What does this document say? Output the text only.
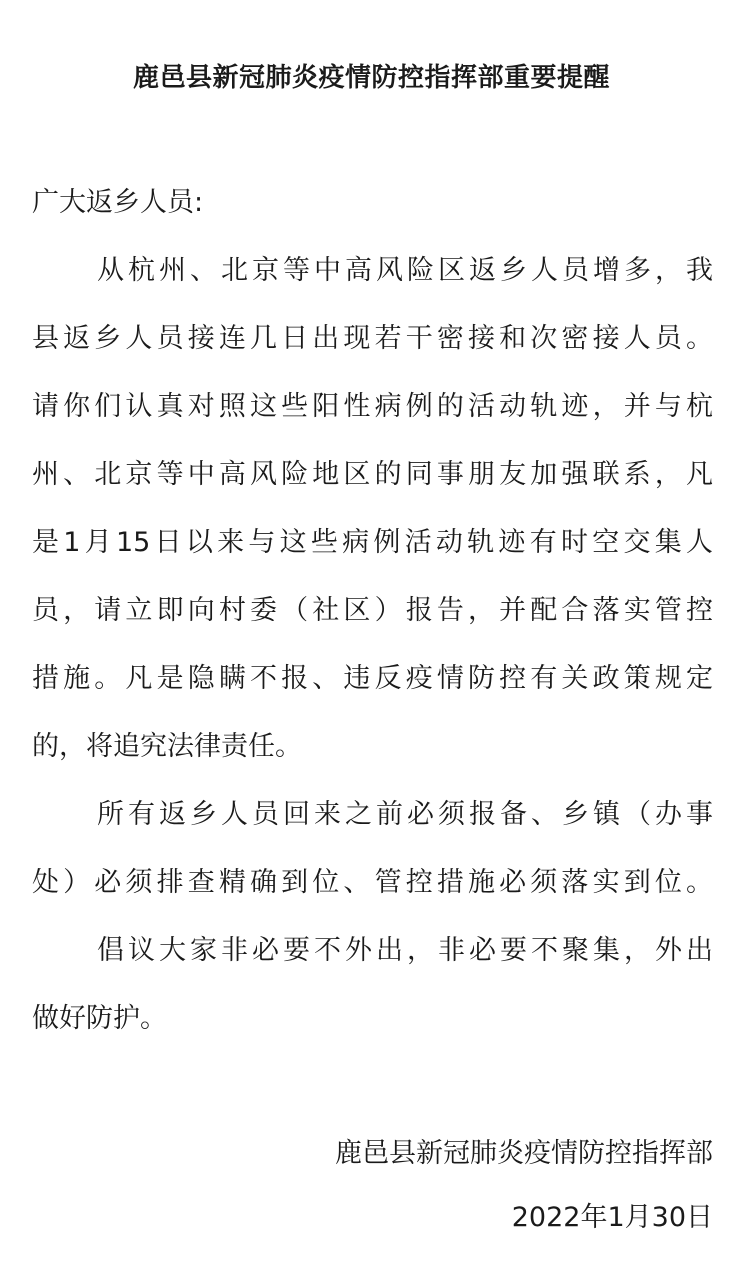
鹿邑县新冠肺炎疫情防控指挥部重要提醒

广大返乡人员:

从杭州、北京等中高风险区返乡人员增多，我

县返乡人员接连几日出现若干密接和次密接人员。

请你们认真对照这些阳性病例的活动轨迹，并与杭

州、北京等中高风险地区的同事朋友加强联系，凡

是1月15日以来与这些病例活动轨迹有时空交集人

员，请立即向村委（社区）报告，并配合落实管控

措施。凡是隐瞒不报、违反疫情防控有关政策规定

的，将追究法律责任。

所有返乡人员回来之前必须报备、乡镇（办事

处）必须排查精确到位、管控措施必须落实到位。

倡议大家非必要不外出，非必要不聚集，外出

做好防护。

鹿邑县新冠肺炎疫情防控指挥部

2022年1月30日
